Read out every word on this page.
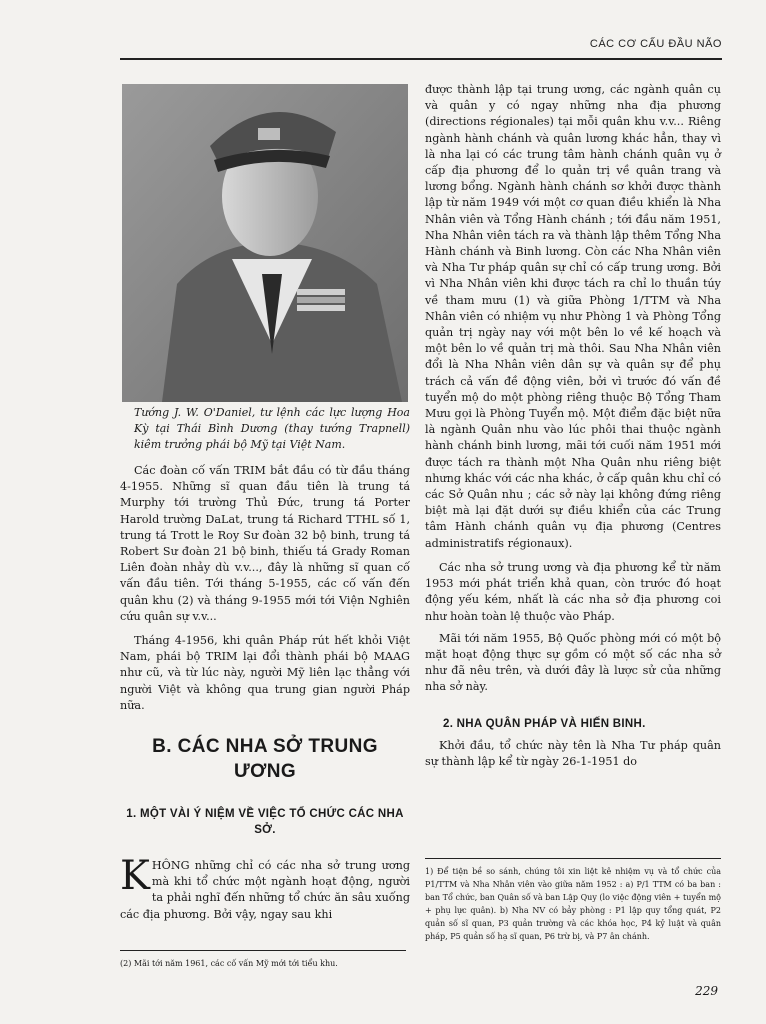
CÁC CƠ CẤU ĐẦU NÃO

Tướng J. W. O'Daniel, tư lệnh các lực lượng Hoa Kỳ tại Thái Bình Dương (thay tướng Trapnell) kiêm trưởng phái bộ Mỹ tại Việt Nam.

Các đoàn cố vấn TRIM bắt đầu có từ đầu tháng 4-1955. Những sĩ quan đầu tiên là trung tá Murphy tới trường Thủ Đức, trung tá Porter Harold trường DaLat, trung tá Richard TTHL số 1, trung tá Trott le Roy Sư đoàn 32 bộ binh, trung tá Robert Sư đoàn 21 bộ binh, thiếu tá Grady Roman Liên đoàn nhảy dù v.v..., đây là những sĩ quan cố vấn đầu tiên. Tới tháng 5-1955, các cố vấn đến quân khu (2) và tháng 9-1955 mới tới Viện Nghiên cứu quân sự v.v...

Tháng 4-1956, khi quân Pháp rút hết khỏi Việt Nam, phái bộ TRIM lại đổi thành phái bộ MAAG như cũ, và từ lúc này, người Mỹ liên lạc thẳng với người Việt và không qua trung gian người Pháp nữa.

B. CÁC NHA SỞ TRUNG ƯƠNG
1. MỘT VÀI Ý NIỆM VỀ VIỆC TỔ CHỨC CÁC NHA SỞ.
K HÔNG những chỉ có các nha sở trung ương mà khi tổ chức một ngành hoạt động, người ta phải nghĩ đến những tổ chức ăn sâu xuống các địa phương. Bởi vậy, ngay sau khi

(2) Mãi tới năm 1961, các cố vấn Mỹ mới tới tiểu khu.

được thành lập tại trung ương, các ngành quân cụ và quân y có ngay những nha địa phương (directions régionales) tại mỗi quân khu v.v... Riêng ngành hành chánh và quân lương khác hẳn, thay vì là nha lại có các trung tâm hành chánh quân vụ ở cấp địa phương để lo quản trị về quân trang và lương bổng. Ngành hành chánh sơ khởi được thành lập từ năm 1949 với một cơ quan điều khiển là Nha Nhân viên và Tổng Hành chánh ; tới đầu năm 1951, Nha Nhân viên tách ra và thành lập thêm Tổng Nha Hành chánh và Binh lương. Còn các Nha Nhân viên và Nha Tư pháp quân sự chỉ có cấp trung ương. Bởi vì Nha Nhân viên khi được tách ra chỉ lo thuần túy về tham mưu (1) và giữa Phòng 1/TTM và Nha Nhân viên có nhiệm vụ như Phòng 1 và Phòng Tổng quản trị ngày nay với một bên lo về kế hoạch và một bên lo về quản trị mà thôi. Sau Nha Nhân viên đổi là Nha Nhân viên dân sự và quân sự để phụ trách cả vấn đề động viên, bởi vì trước đó vấn đề tuyển mộ do một phòng riêng thuộc Bộ Tổng Tham Mưu gọi là Phòng Tuyển mộ. Một điểm đặc biệt nữa là ngành Quân nhu vào lúc phôi thai thuộc ngành hành chánh binh lương, mãi tới cuối năm 1951 mới được tách ra thành một Nha Quân nhu riêng biệt nhưng khác với các nha khác, ở cấp quân khu chỉ có các Sở Quân nhu ; các sở này lại không đứng riêng biệt mà lại đặt dưới sự điều khiển của các Trung tâm Hành chánh quân vụ địa phương (Centres administratifs régionaux).

Các nha sở trung ương và địa phương kể từ năm 1953 mới phát triển khả quan, còn trước đó hoạt động yếu kém, nhất là các nha sở địa phương coi như hoàn toàn lệ thuộc vào Pháp.

Mãi tới năm 1955, Bộ Quốc phòng mới có một bộ mặt hoạt động thực sự gồm có một số các nha sở như đã nêu trên, và dưới đây là lược sử của những nha sở này.

2. NHA QUÂN PHÁP VÀ HIẾN BINH.

Khởi đầu, tổ chức này tên là Nha Tư pháp quân sự thành lập kể từ ngày 26-1-1951 do

1) Để tiện bề so sánh, chúng tôi xin liệt kê nhiệm vụ và tổ chức của P1/TTM và Nha Nhân viên vào giữa năm 1952 : a) P/1 TTM có ba ban : ban Tổ chức, ban Quân số và ban Lập Quy (lo việc động viên + tuyển mộ + phụ lực quân). b) Nha NV có bảy phòng : P1 lập quy tổng quát, P2 quản số sĩ quan, P3 quản trường và các khóa học, P4 kỷ luật và quân pháp, P5 quản số hạ sĩ quan, P6 trừ bị, và P7 ân chánh.

229
